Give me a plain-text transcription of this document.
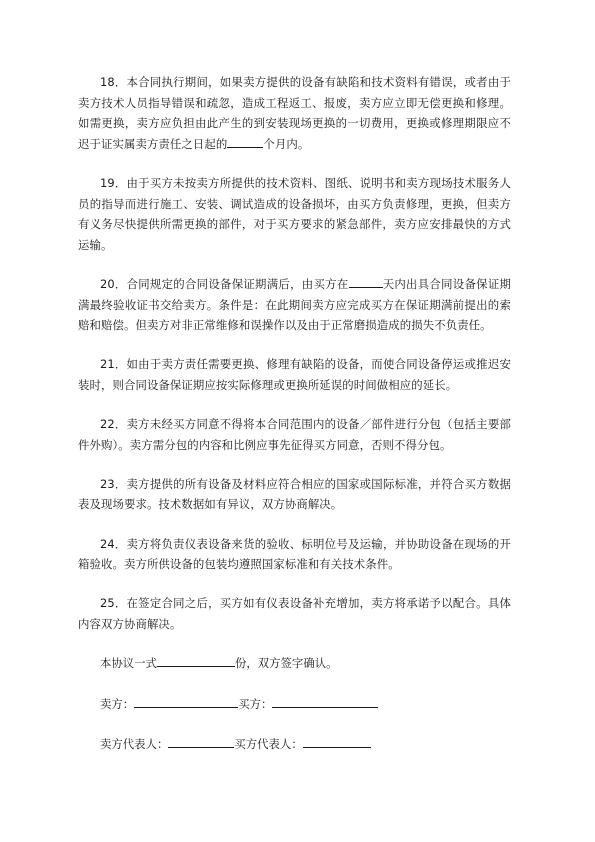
18．本合同执行期间，如果卖方提供的设备有缺陷和技术资料有错误，或者由于卖方技术人员指导错误和疏忽，造成工程返工、报废，卖方应立即无偿更换和修理。如需更换，卖方应负担由此产生的到安装现场更换的一切费用，更换或修理期限应不迟于证实属卖方责任之日起的	个月内。

19．由于买方未按卖方所提供的技术资料、图纸、说明书和卖方现场技术服务人员的指导而进行施工、安装、调试造成的设备损坏，由买方负责修理，更换，但卖方有义务尽快提供所需更换的部件，对于买方要求的紧急部件，卖方应安排最快的方式运输。

20．合同规定的合同设备保证期满后，由买方在	天内出具合同设备保证期满最终验收证书交给卖方。条件是：在此期间卖方应完成买方在保证期满前提出的索赔和赔偿。但卖方对非正常维修和误操作以及由于正常磨损造成的损失不负责任。

21．如由于卖方责任需要更换、修理有缺陷的设备，而使合同设备停运或推迟安装时，则合同设备保证期应按实际修理或更换所延误的时间做相应的延长。

22．卖方未经买方同意不得将本合同范围内的设备／部件进行分包（包括主要部件外购）。卖方需分包的内容和比例应事先征得买方同意，否则不得分包。

23．卖方提供的所有设备及材料应符合相应的国家或国际标准，并符合买方数据表及现场要求。技术数据如有异议，双方协商解决。

24．卖方将负责仪表设备来货的验收、标明位号及运输，并协助设备在现场的开箱验收。卖方所供设备的包装均遵照国家标准和有关技术条件。

25．在签定合同之后，买方如有仪表设备补充增加，卖方将承诺予以配合。具体内容双方协商解决。

本协议一式	份，双方签字确认。
卖方：	买方：
卖方代表人：	买方代表人：
